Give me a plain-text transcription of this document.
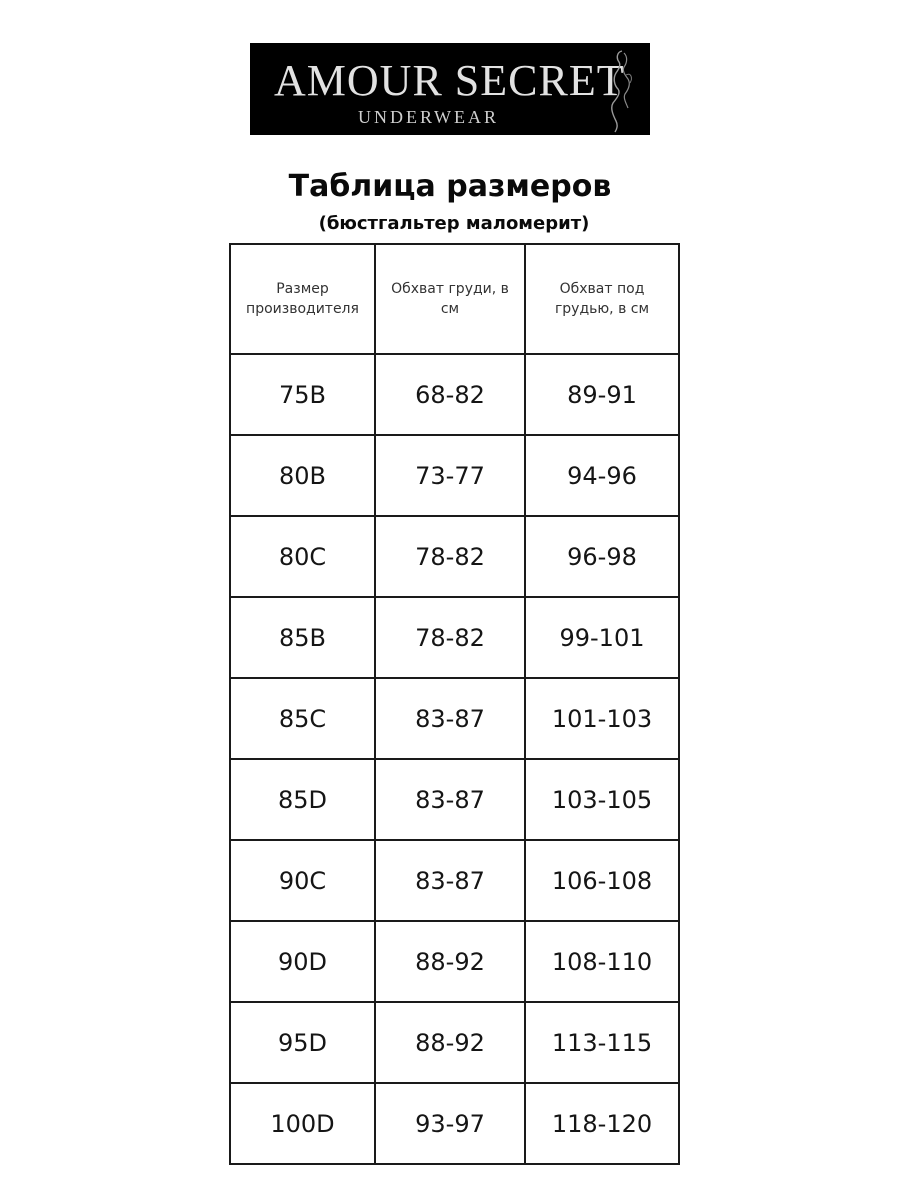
AMOUR SECRET
UNDERWEAR
Таблица размеров
(бюстгальтер маломерит)
Размер производителя	Обхват груди, в см	Обхват под грудью, в см
75B	68-82	89-91
80B	73-77	94-96
80C	78-82	96-98
85B	78-82	99-101
85C	83-87	101-103
85D	83-87	103-105
90C	83-87	106-108
90D	88-92	108-110
95D	88-92	113-115
100D	93-97	118-120
